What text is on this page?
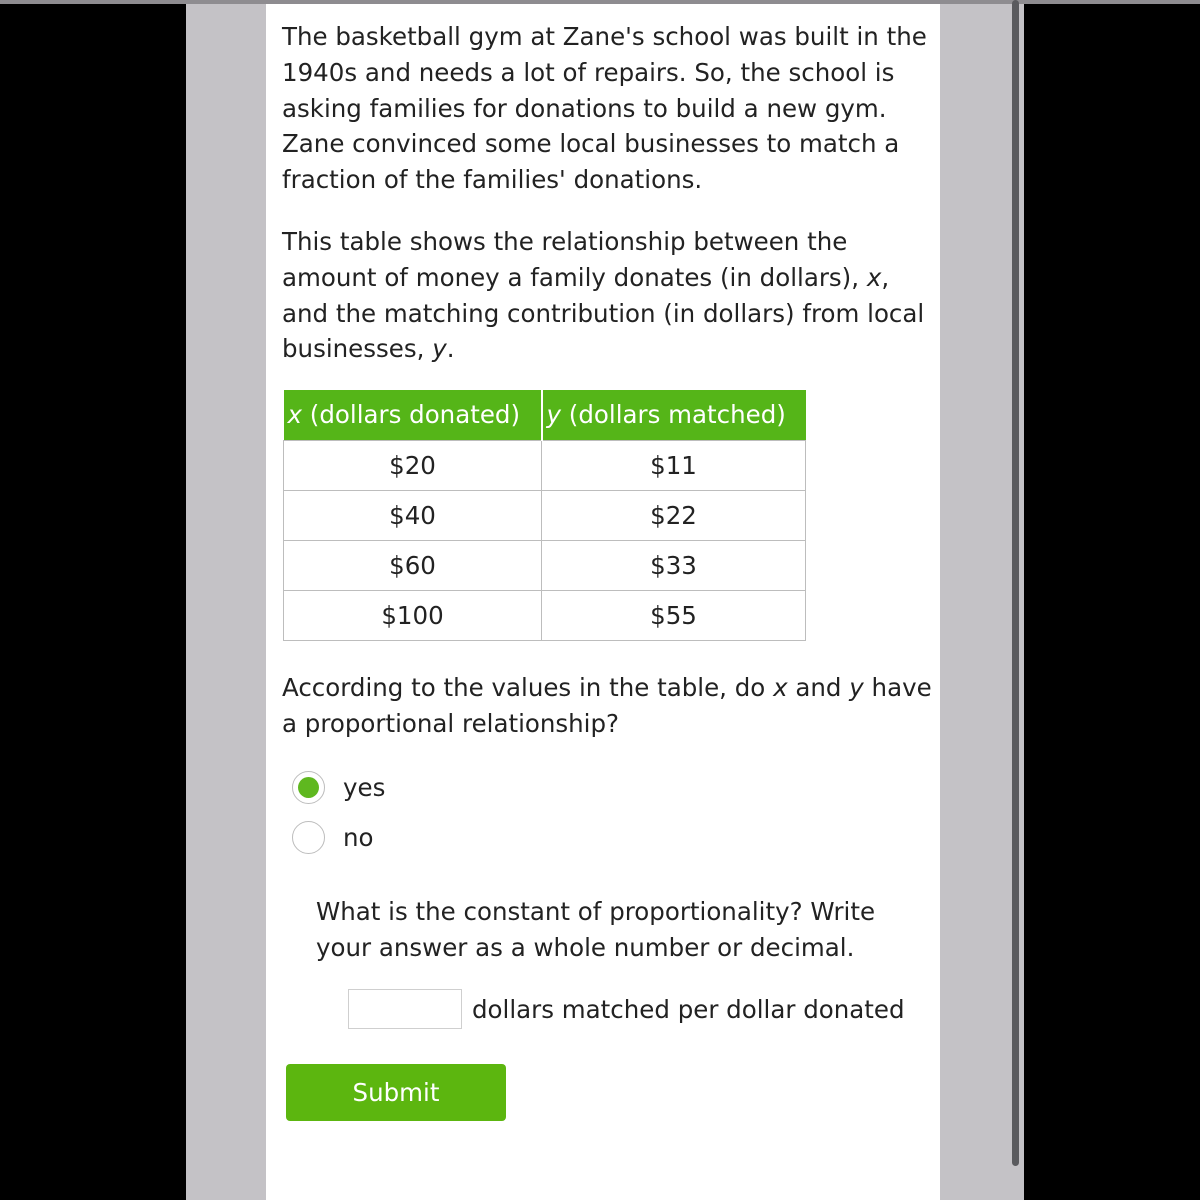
The basketball gym at Zane's school was built in the 1940s and needs a lot of repairs. So, the school is asking families for donations to build a new gym. Zane convinced some local businesses to match a fraction of the families' donations.

This table shows the relationship between the amount of money a family donates (in dollars), x, and the matching contribution (in dollars) from local businesses, y.

x (dollars donated)	y (dollars matched)
$20	$11
$40	$22
$60	$33
$100	$55

According to the values in the table, do x and y have a proportional relationship?

yes
no

What is the constant of proportionality? Write your answer as a whole number or decimal.

dollars matched per dollar donated
Submit
